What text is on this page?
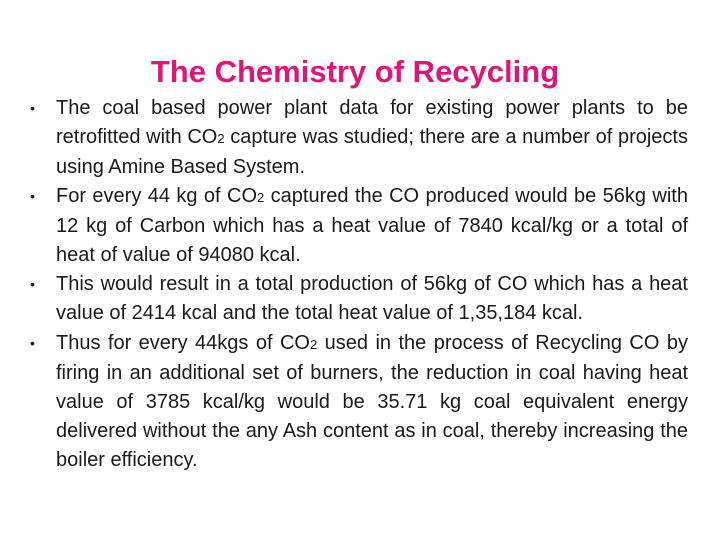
The Chemistry of Recycling
•	The coal based power plant data for existing power plants to be retrofitted with CO2 capture was studied; there are a number of projects using Amine Based System.
•	For every 44 kg of CO2 captured the CO produced would be 56kg with 12 kg of Carbon which has a heat value of 7840 kcal/kg or a total of heat of value of 94080 kcal.
•	This would result in a total production of 56kg of CO which has a heat value of 2414 kcal and the total heat value of 1,35,184 kcal.
•	Thus for every 44kgs of CO2 used in the process of Recycling CO by firing in an additional set of burners, the reduction in coal having heat value of 3785 kcal/kg would be 35.71 kg coal equivalent energy delivered without the any Ash content as in coal, thereby increasing the boiler efficiency.
